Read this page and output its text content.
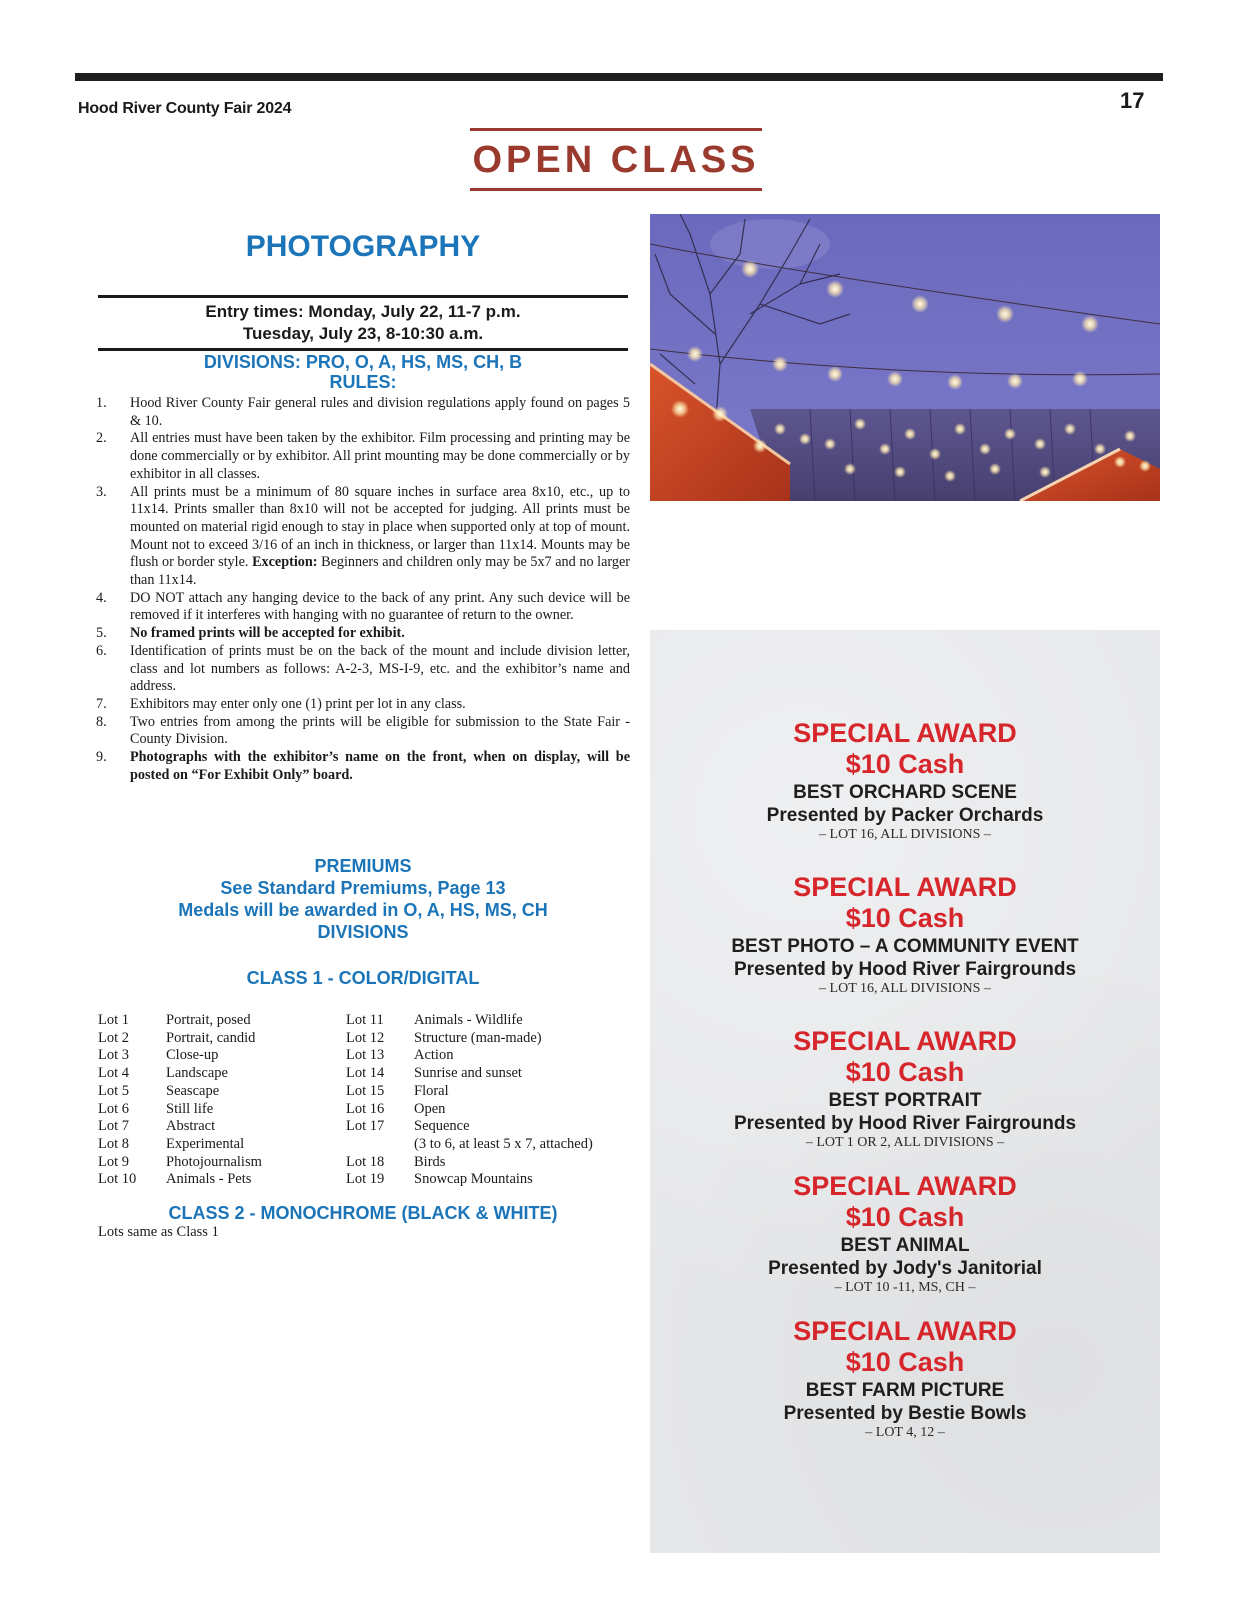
Hood River County Fair 2024	17
OPEN CLASS
PHOTOGRAPHY
Entry times: Monday, July 22, 11-7 p.m.
Tuesday, July 23, 8-10:30 a.m.
DIVISIONS: PRO, O, A, HS, MS, CH, B
RULES:
1. Hood River County Fair general rules and division regulations apply found on pages 5 & 10.
2. All entries must have been taken by the exhibitor. Film processing and printing may be done commercially or by exhibitor. All print mounting may be done commercially or by exhibitor in all classes.
3. All prints must be a minimum of 80 square inches in surface area 8x10, etc., up to 11x14. Prints smaller than 8x10 will not be accepted for judging. All prints must be mounted on material rigid enough to stay in place when supported only at top of mount. Mount not to exceed 3/16 of an inch in thickness, or larger than 11x14. Mounts may be flush or border style. Exception: Beginners and children only may be 5x7 and no larger than 11x14.
4. DO NOT attach any hanging device to the back of any print. Any such device will be removed if it interferes with hanging with no guarantee of return to the owner.
5. No framed prints will be accepted for exhibit.
6. Identification of prints must be on the back of the mount and include division letter, class and lot numbers as follows: A-2-3, MS-I-9, etc. and the exhibitor’s name and address.
7. Exhibitors may enter only one (1) print per lot in any class.
8. Two entries from among the prints will be eligible for submission to the State Fair - County Division.
9. Photographs with the exhibitor’s name on the front, when on display, will be posted on “For Exhibit Only” board.
PREMIUMS
See Standard Premiums, Page 13
Medals will be awarded in O, A, HS, MS, CH
DIVISIONS
CLASS 1 - COLOR/DIGITAL
Lot 1	Portrait, posed
Lot 2	Portrait, candid
Lot 3	Close-up
Lot 4	Landscape
Lot 5	Seascape
Lot 6	Still life
Lot 7	Abstract
Lot 8	Experimental
Lot 9	Photojournalism
Lot 10	Animals - Pets
Lot 11	Animals - Wildlife
Lot 12	Structure (man-made)
Lot 13	Action
Lot 14	Sunrise and sunset
Lot 15	Floral
Lot 16	Open
Lot 17	Sequence
(3 to 6, at least 5 x 7, attached)
Lot 18	Birds
Lot 19	Snowcap Mountains
CLASS 2 - MONOCHROME (BLACK & WHITE)
Lots same as Class 1
SPECIAL AWARD
$10 Cash
BEST ORCHARD SCENE
Presented by Packer Orchards
– LOT 16, ALL DIVISIONS –
SPECIAL AWARD
$10 Cash
BEST PHOTO – A COMMUNITY EVENT
Presented by Hood River Fairgrounds
– LOT 16, ALL DIVISIONS –
SPECIAL AWARD
$10 Cash
BEST PORTRAIT
Presented by Hood River Fairgrounds
– LOT 1 OR 2, ALL DIVISIONS –
SPECIAL AWARD
$10 Cash
BEST ANIMAL
Presented by Jody's Janitorial
– LOT 10 -11, MS, CH –
SPECIAL AWARD
$10 Cash
BEST FARM PICTURE
Presented by Bestie Bowls
– LOT 4, 12 –
